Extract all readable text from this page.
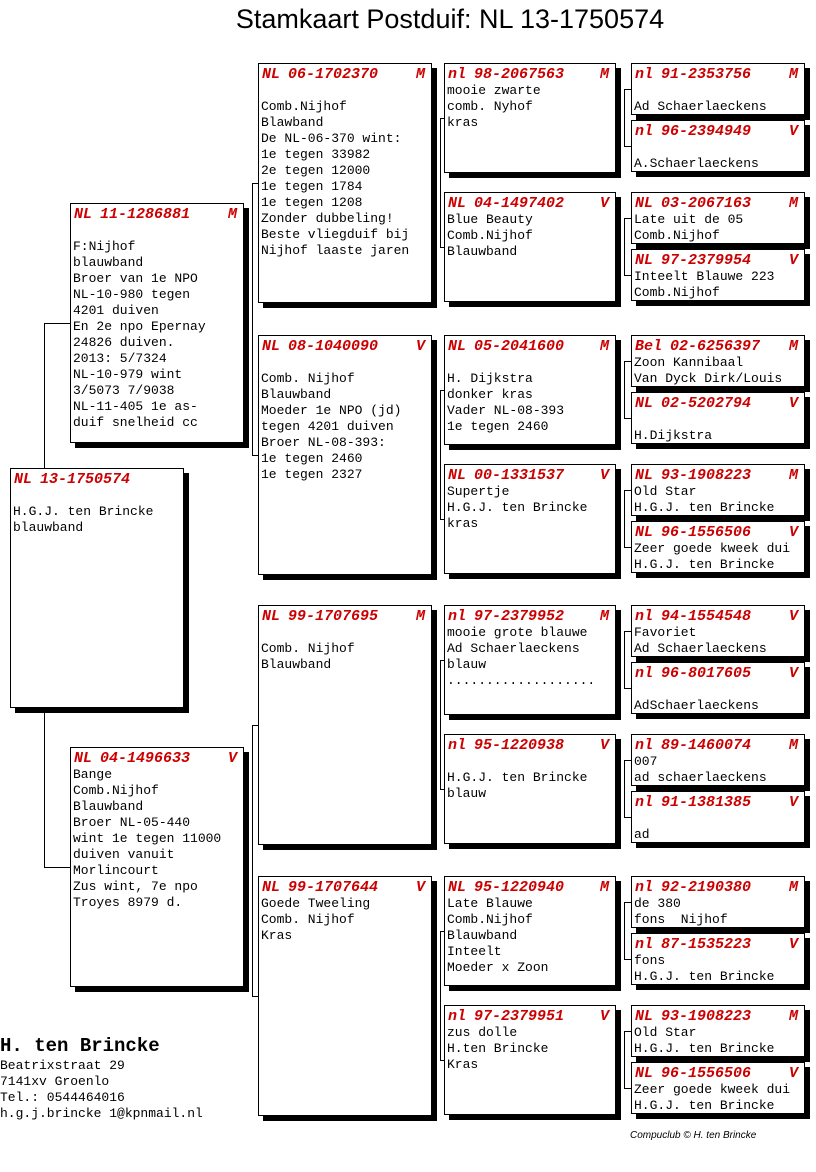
Stamkaart Postduif: NL 13-1750574
NL 13-1750574
H.G.J. ten Brincke
blauwband
NL 11-1286881	M
F:Nijhof
blauwband
Broer van 1e NPO
NL-10-980 tegen
4201 duiven
En 2e npo Epernay
24826 duiven.
2013: 5/7324
NL-10-979 wint
3/5073 7/9038
NL-11-405 1e as-
duif snelheid cc
NL 04-1496633	V
Bange
Comb.Nijhof
Blauwband
Broer NL-05-440
wint 1e tegen 11000
duiven vanuit
Morlincourt
Zus wint, 7e npo
Troyes 8979 d.
NL 06-1702370	M
Comb.Nijhof
Blawband
De NL-06-370 wint:
1e tegen 33982
2e tegen 12000
1e tegen 1784
1e tegen 1208
Zonder dubbeling!
Beste vliegduif bij
Nijhof laaste jaren
NL 08-1040090	V
Comb. Nijhof
Blauwband
Moeder 1e NPO (jd)
tegen 4201 duiven
Broer NL-08-393:
1e tegen 2460
1e tegen 2327
NL 99-1707695	M
Comb. Nijhof
Blauwband
NL 99-1707644	V
Goede Tweeling
Comb. Nijhof
Kras
nl 98-2067563	M
mooie zwarte
comb. Nyhof
kras
NL 04-1497402	V
Blue Beauty
Comb.Nijhof
Blauwband
NL 05-2041600	M
H. Dijkstra
donker kras
Vader NL-08-393
1e tegen 2460
NL 00-1331537	V
Supertje
H.G.J. ten Brincke
kras
nl 97-2379952	M
mooie grote blauwe
Ad Schaerlaeckens
blauw
...................
nl 95-1220938	V
H.G.J. ten Brincke
blauw
NL 95-1220940	M
Late Blauwe
Comb.Nijhof
Blauwband
Inteelt
Moeder x Zoon
nl 97-2379951	V
zus dolle
H.ten Brincke
Kras
nl 91-2353756	M
Ad Schaerlaeckens
nl 96-2394949	V
A.Schaerlaeckens
NL 03-2067163	M
Late uit de 05
Comb.Nijhof
NL 97-2379954	V
Inteelt Blauwe 223
Comb.Nijhof
Bel 02-6256397	M
Zoon Kannibaal
Van Dyck Dirk/Louis
NL 02-5202794	V
H.Dijkstra
NL 93-1908223	M
Old Star
H.G.J. ten Brincke
NL 96-1556506	V
Zeer goede kweek dui
H.G.J. ten Brincke
nl 94-1554548	V
Favoriet
Ad Schaerlaeckens
nl 96-8017605	V
AdSchaerlaeckens
nl 89-1460074	M
007
ad schaerlaeckens
nl 91-1381385	V
ad
nl 92-2190380	M
de 380
fons  Nijhof
nl 87-1535223	V
fons
H.G.J. ten Brincke
NL 93-1908223	M
Old Star
H.G.J. ten Brincke
NL 96-1556506	V
Zeer goede kweek dui
H.G.J. ten Brincke
H. ten Brincke
Beatrixstraat 29
7141xv Groenlo
Tel.: 0544464016
h.g.j.brincke 1@kpnmail.nl
Compuclub © H. ten Brincke
